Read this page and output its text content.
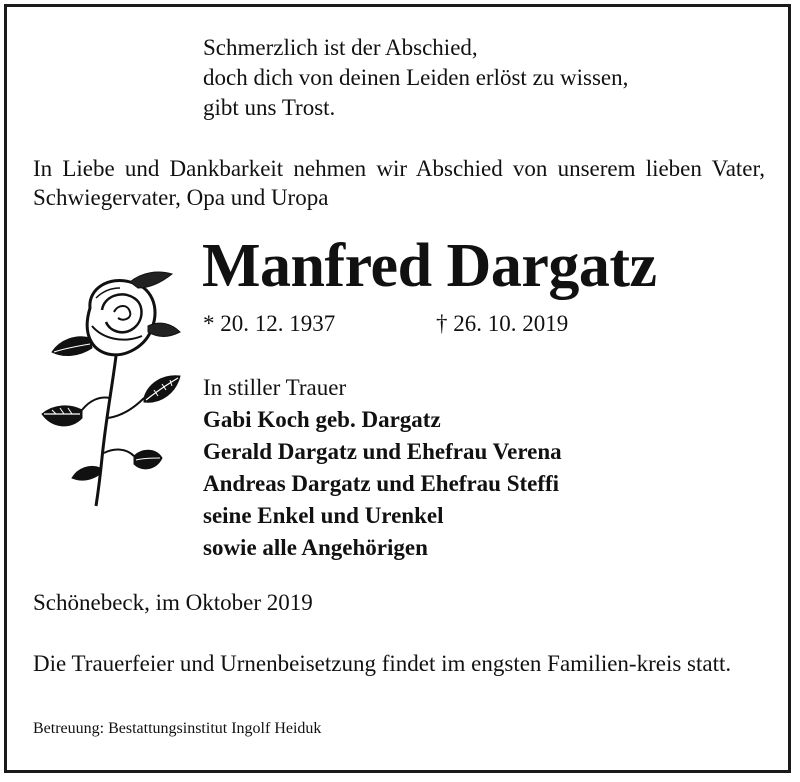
Schmerzlich ist der Abschied,
doch dich von deinen Leiden erlöst zu wissen,
gibt uns Trost.
In Liebe und Dankbarkeit nehmen wir Abschied von unserem lieben Vater, Schwiegervater, Opa und Uropa
Manfred Dargatz
* 20. 12. 1937	† 26. 10. 2019
In stiller Trauer
Gabi Koch geb. Dargatz
Gerald Dargatz und Ehefrau Verena
Andreas Dargatz und Ehefrau Steffi
seine Enkel und Urenkel
sowie alle Angehörigen
Schönebeck, im Oktober 2019
Die Trauerfeier und Urnenbeisetzung findet im engsten Familien-kreis statt.
Betreuung: Bestattungsinstitut Ingolf Heiduk
